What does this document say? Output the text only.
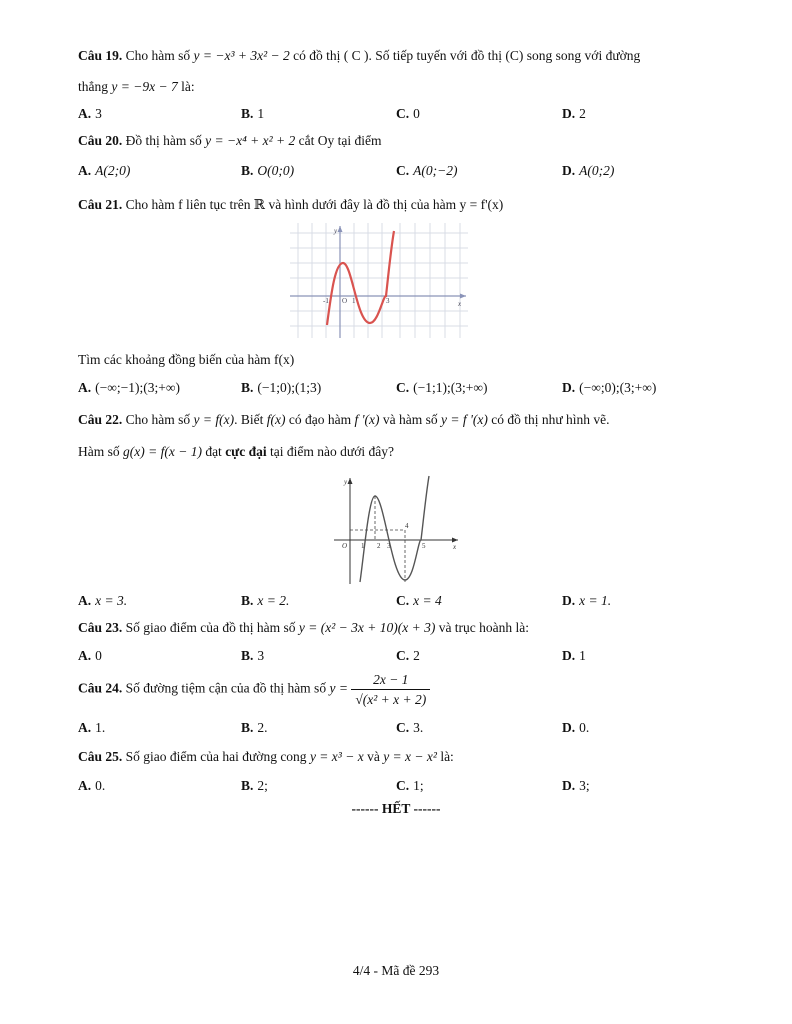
Câu 19. Cho hàm số y = −x³ + 3x² − 2 có đồ thị ( C ). Số tiếp tuyến với đồ thị (C) song song với đường
thẳng y = −9x − 7 là:
A. 3	B. 1	C. 0	D. 2
Câu 20. Đồ thị hàm số y = −x⁴ + x² + 2 cắt Oy tại điểm
A. A(2;0)	B. O(0;0)	C. A(0;−2)	D. A(0;2)
Câu 21. Cho hàm f liên tục trên ℝ và hình dưới đây là đồ thị của hàm y = f'(x)
y
x
O
-1	1	3
Tìm các khoảng đồng biến của hàm f(x)
A. (−∞;−1);(3;+∞)	B. (−1;0);(1;3)	C. (−1;1);(3;+∞)	D. (−∞;0);(3;+∞)
Câu 22. Cho hàm số y = f(x). Biết f(x) có đạo hàm f '(x) và hàm số y = f '(x) có đồ thị như hình vẽ.
Hàm số g(x) = f(x − 1) đạt cực đại tại điểm nào dưới đây?
y
x
O 1 2 3
4
5
A. x = 3.	B. x = 2.	C. x = 4	D. x = 1.
Câu 23. Số giao điểm của đồ thị hàm số y = (x² − 3x + 10)(x + 3) và trục hoành là:
A. 0	B. 3	C. 2	D. 1
Câu 24. Số đường tiệm cận của đồ thị hàm số $y = \frac{2x - 1}{\text{√(x² + x + 2)}}$
A. 1.	B. 2.	C. 3.	D. 0.
Câu 25. Số giao điểm của hai đường cong y = x³ − x và y = x − x² là:
A. 0.	B. 2;	C. 1;	D. 3;
------ HẾT ------
4/4 - Mã đề 293
